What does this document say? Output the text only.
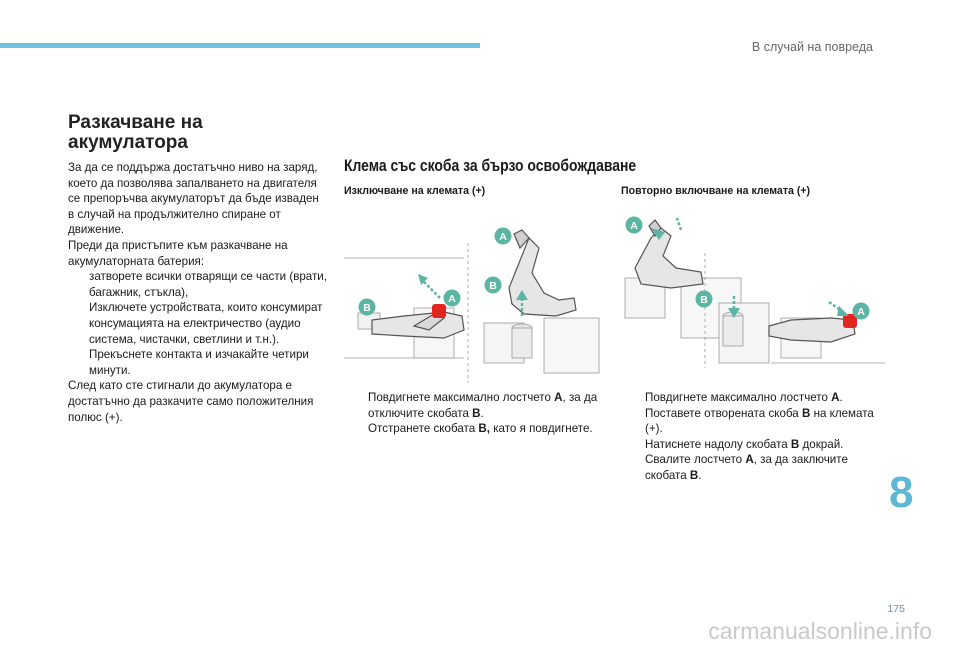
В случай на повреда
Разкачване на
акумулатора

За да се поддържа достатъчно ниво на заряд, което да позволява запалването на двигателя се препоръчва акумулаторът да бъде изваден в случай на продължително спиране от движение.

Преди да пристъпите към разкачване на акумулаторната батерия:

затворете всички отварящи се части (врати, багажник, стъкла),

Изключете устройствата, които консумират консумацията на електричество (аудио система, чистачки, светлини и т.н.).

Прекъснете контакта и изчакайте четири минути.

След като сте стигнали до акумулатора е достатъчно да разкачите само положителния полюс (+).

Клема със скоба за бързо освобождаване
Изключване на клемата (+)	Повторно включване на клемата (+)
B
A
A
B
A
B
A

Повдигнете максимално лостчето A, за да отключите скобата B.

Отстранете скобата B, като я повдигнете.

Повдигнете максимално лостчето A.

Поставете отворената скоба B на клемата (+).

Натиснете надолу скобата B докрай.

Свалите лостчето A, за да заключите скобата B.	8
175
carmanualsonline.info
